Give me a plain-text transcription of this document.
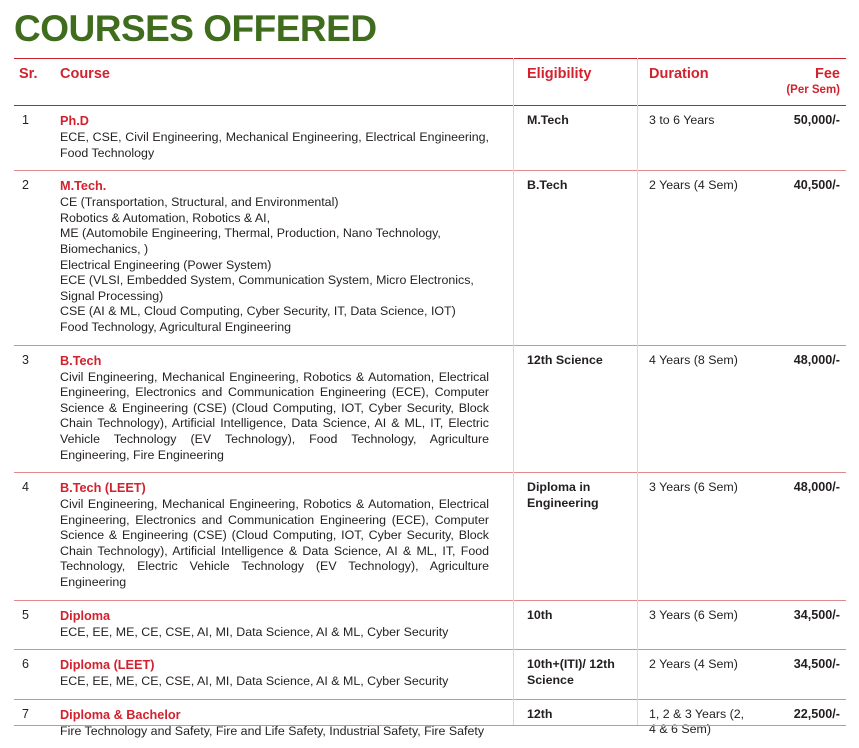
COURSES OFFERED
Sr.	Course	Eligibility	Duration	Fee
(Per Sem)

1	Ph.D
ECE, CSE, Civil Engineering, Mechanical Engineering, Electrical Engineering, Food Technology	M.Tech	3 to 6 Years	50,000/-
2	M.Tech.
CE (Transportation, Structural, and Environmental)
Robotics & Automation, Robotics & AI,
ME (Automobile Engineering, Thermal, Production, Nano Technology, Biomechanics, )
Electrical Engineering (Power System)
ECE (VLSI, Embedded System, Communication System, Micro Electronics, Signal Processing)
CSE (AI & ML, Cloud Computing, Cyber Security, IT, Data Science, IOT)
Food Technology, Agricultural Engineering
	B.Tech	2 Years (4 Sem)	40,500/-
3	B.Tech
Civil Engineering, Mechanical Engineering, Robotics & Automation, Electrical Engineering, Electronics and Communication Engineering (ECE), Computer Science & Engineering (CSE) (Cloud Computing, IOT, Cyber Security, Block Chain Technology), Artificial Intelligence, Data Science, AI & ML, IT, Electric Vehicle Technology (EV Technology), Food Technology, Agriculture Engineering, Fire Engineering	12th Science	4 Years (8 Sem)	48,000/-
4	B.Tech (LEET)
Civil Engineering, Mechanical Engineering, Robotics & Automation, Electrical Engineering, Electronics and Communication Engineering (ECE), Computer Science & Engineering (CSE) (Cloud Computing, IOT, Cyber Security, Block Chain Technology), Artificial Intelligence & Data Science, AI & ML, IT, Food Technology, Electric Vehicle Technology (EV Technology), Agriculture Engineering	Diploma in Engineering	3 Years (6 Sem)	48,000/-
5	Diploma
ECE, EE, ME, CE, CSE, AI, MI, Data Science, AI & ML, Cyber Security	10th	3 Years (6 Sem)	34,500/-
6	Diploma (LEET)
ECE, EE, ME, CE, CSE, AI, MI, Data Science, AI & ML, Cyber Security	10th+(ITI)/ 12th Science	2 Years (4 Sem)	34,500/-
7	Diploma & Bachelor
Fire Technology and Safety, Fire and Life Safety, Industrial Safety, Fire Safety	12th	1, 2 & 3 Years (2, 4 & 6 Sem)	22,500/-
